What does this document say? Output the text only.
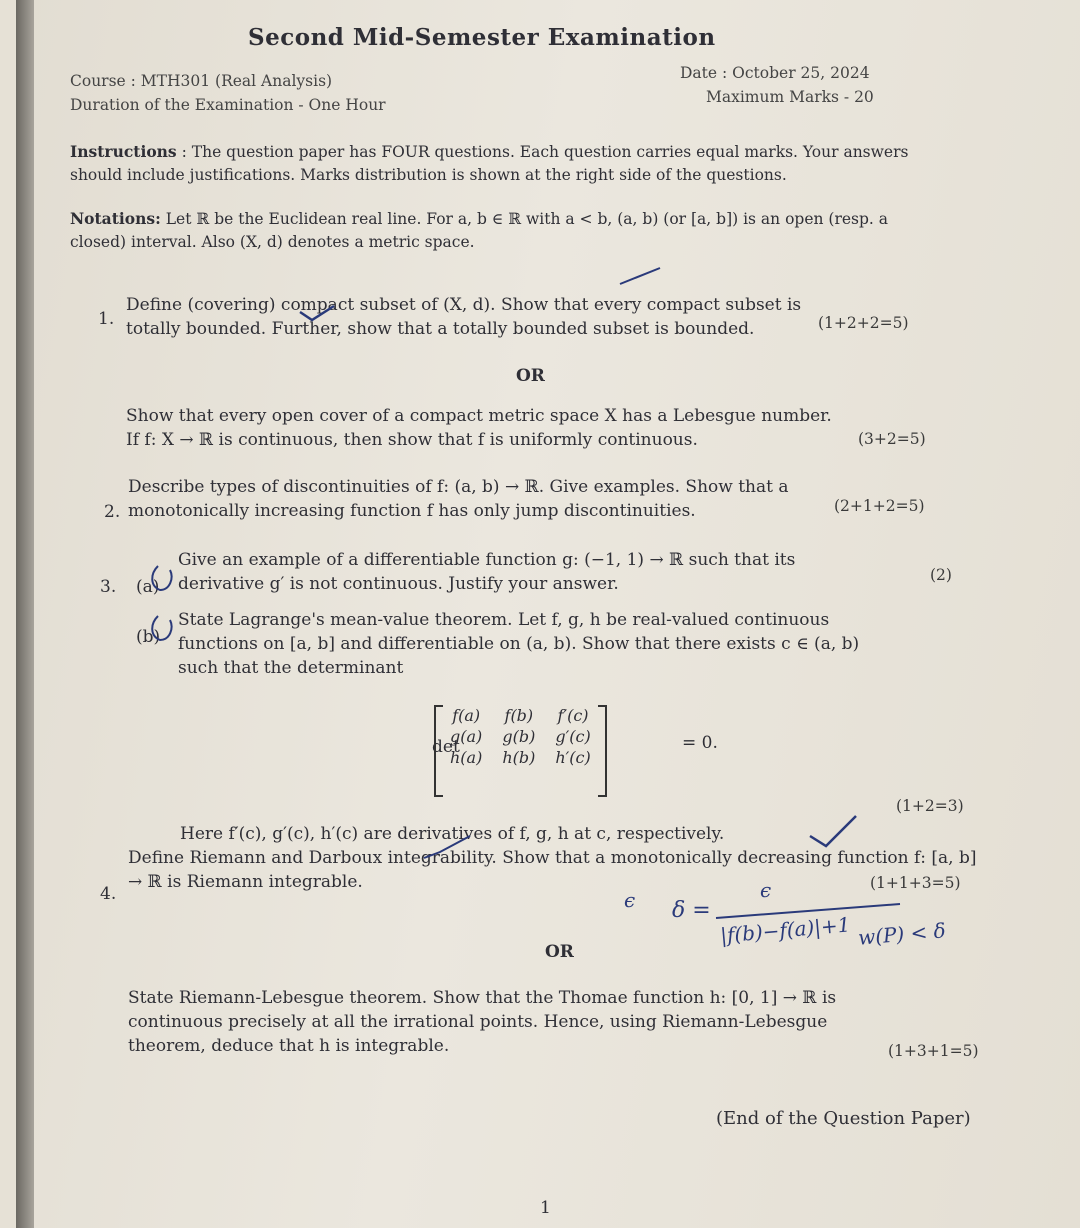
Second Mid-Semester Examination
Course : MTH301 (Real Analysis)
Duration of the Examination - One Hour
Date : October 25, 2024
Maximum Marks - 20
Instructions : The question paper has FOUR questions. Each question carries equal marks. Your answers should include justifications. Marks distribution is shown at the right side of the questions.
Notations: Let ℝ be the Euclidean real line. For a, b ∈ ℝ with a < b, (a, b) (or [a, b]) is an open (resp. a closed) interval. Also (X, d) denotes a metric space.
1.
Define (covering) compact subset of (X, d). Show that every compact subset is totally bounded. Further, show that a totally bounded subset is bounded.	(1+2+2=5)
OR
Show that every open cover of a compact metric space X has a Lebesgue number. If f: X → ℝ is continuous, then show that f is uniformly continuous.	(3+2=5)
2.
Describe types of discontinuities of f: (a, b) → ℝ. Give examples. Show that a monotonically increasing function f has only jump discontinuities.	(2+1+2=5)
3. (a)
Give an example of a differentiable function g: (−1, 1) → ℝ such that its derivative g′ is not continuous. Justify your answer.	(2)
(b)
State Lagrange's mean-value theorem. Let f, g, h be real-valued continuous functions on [a, b] and differentiable on (a, b). Show that there exists c ∈ (a, b) such that the determinant
det
f(a)	f(b)	f′(c)
g(a)	g(b)	g′(c)
h(a)	h(b)	h′(c)
= 0.
Here f′(c), g′(c), h′(c) are derivatives of f, g, h at c, respectively.
(1+2=3)
4.
Define Riemann and Darboux integrability. Show that a monotonically decreasing function f: [a, b] → ℝ is Riemann integrable.	(1+1+3=5)
OR
State Riemann-Lebesgue theorem. Show that the Thomae function h: [0, 1] → ℝ is continuous precisely at all the irrational points. Hence, using Riemann-Lebesgue theorem, deduce that h is integrable.	(1+3+1=5)
ϵ δ =
ϵ
|f(b)−f(a)|+1 w(P) < δ
(End of the Question Paper)
1
